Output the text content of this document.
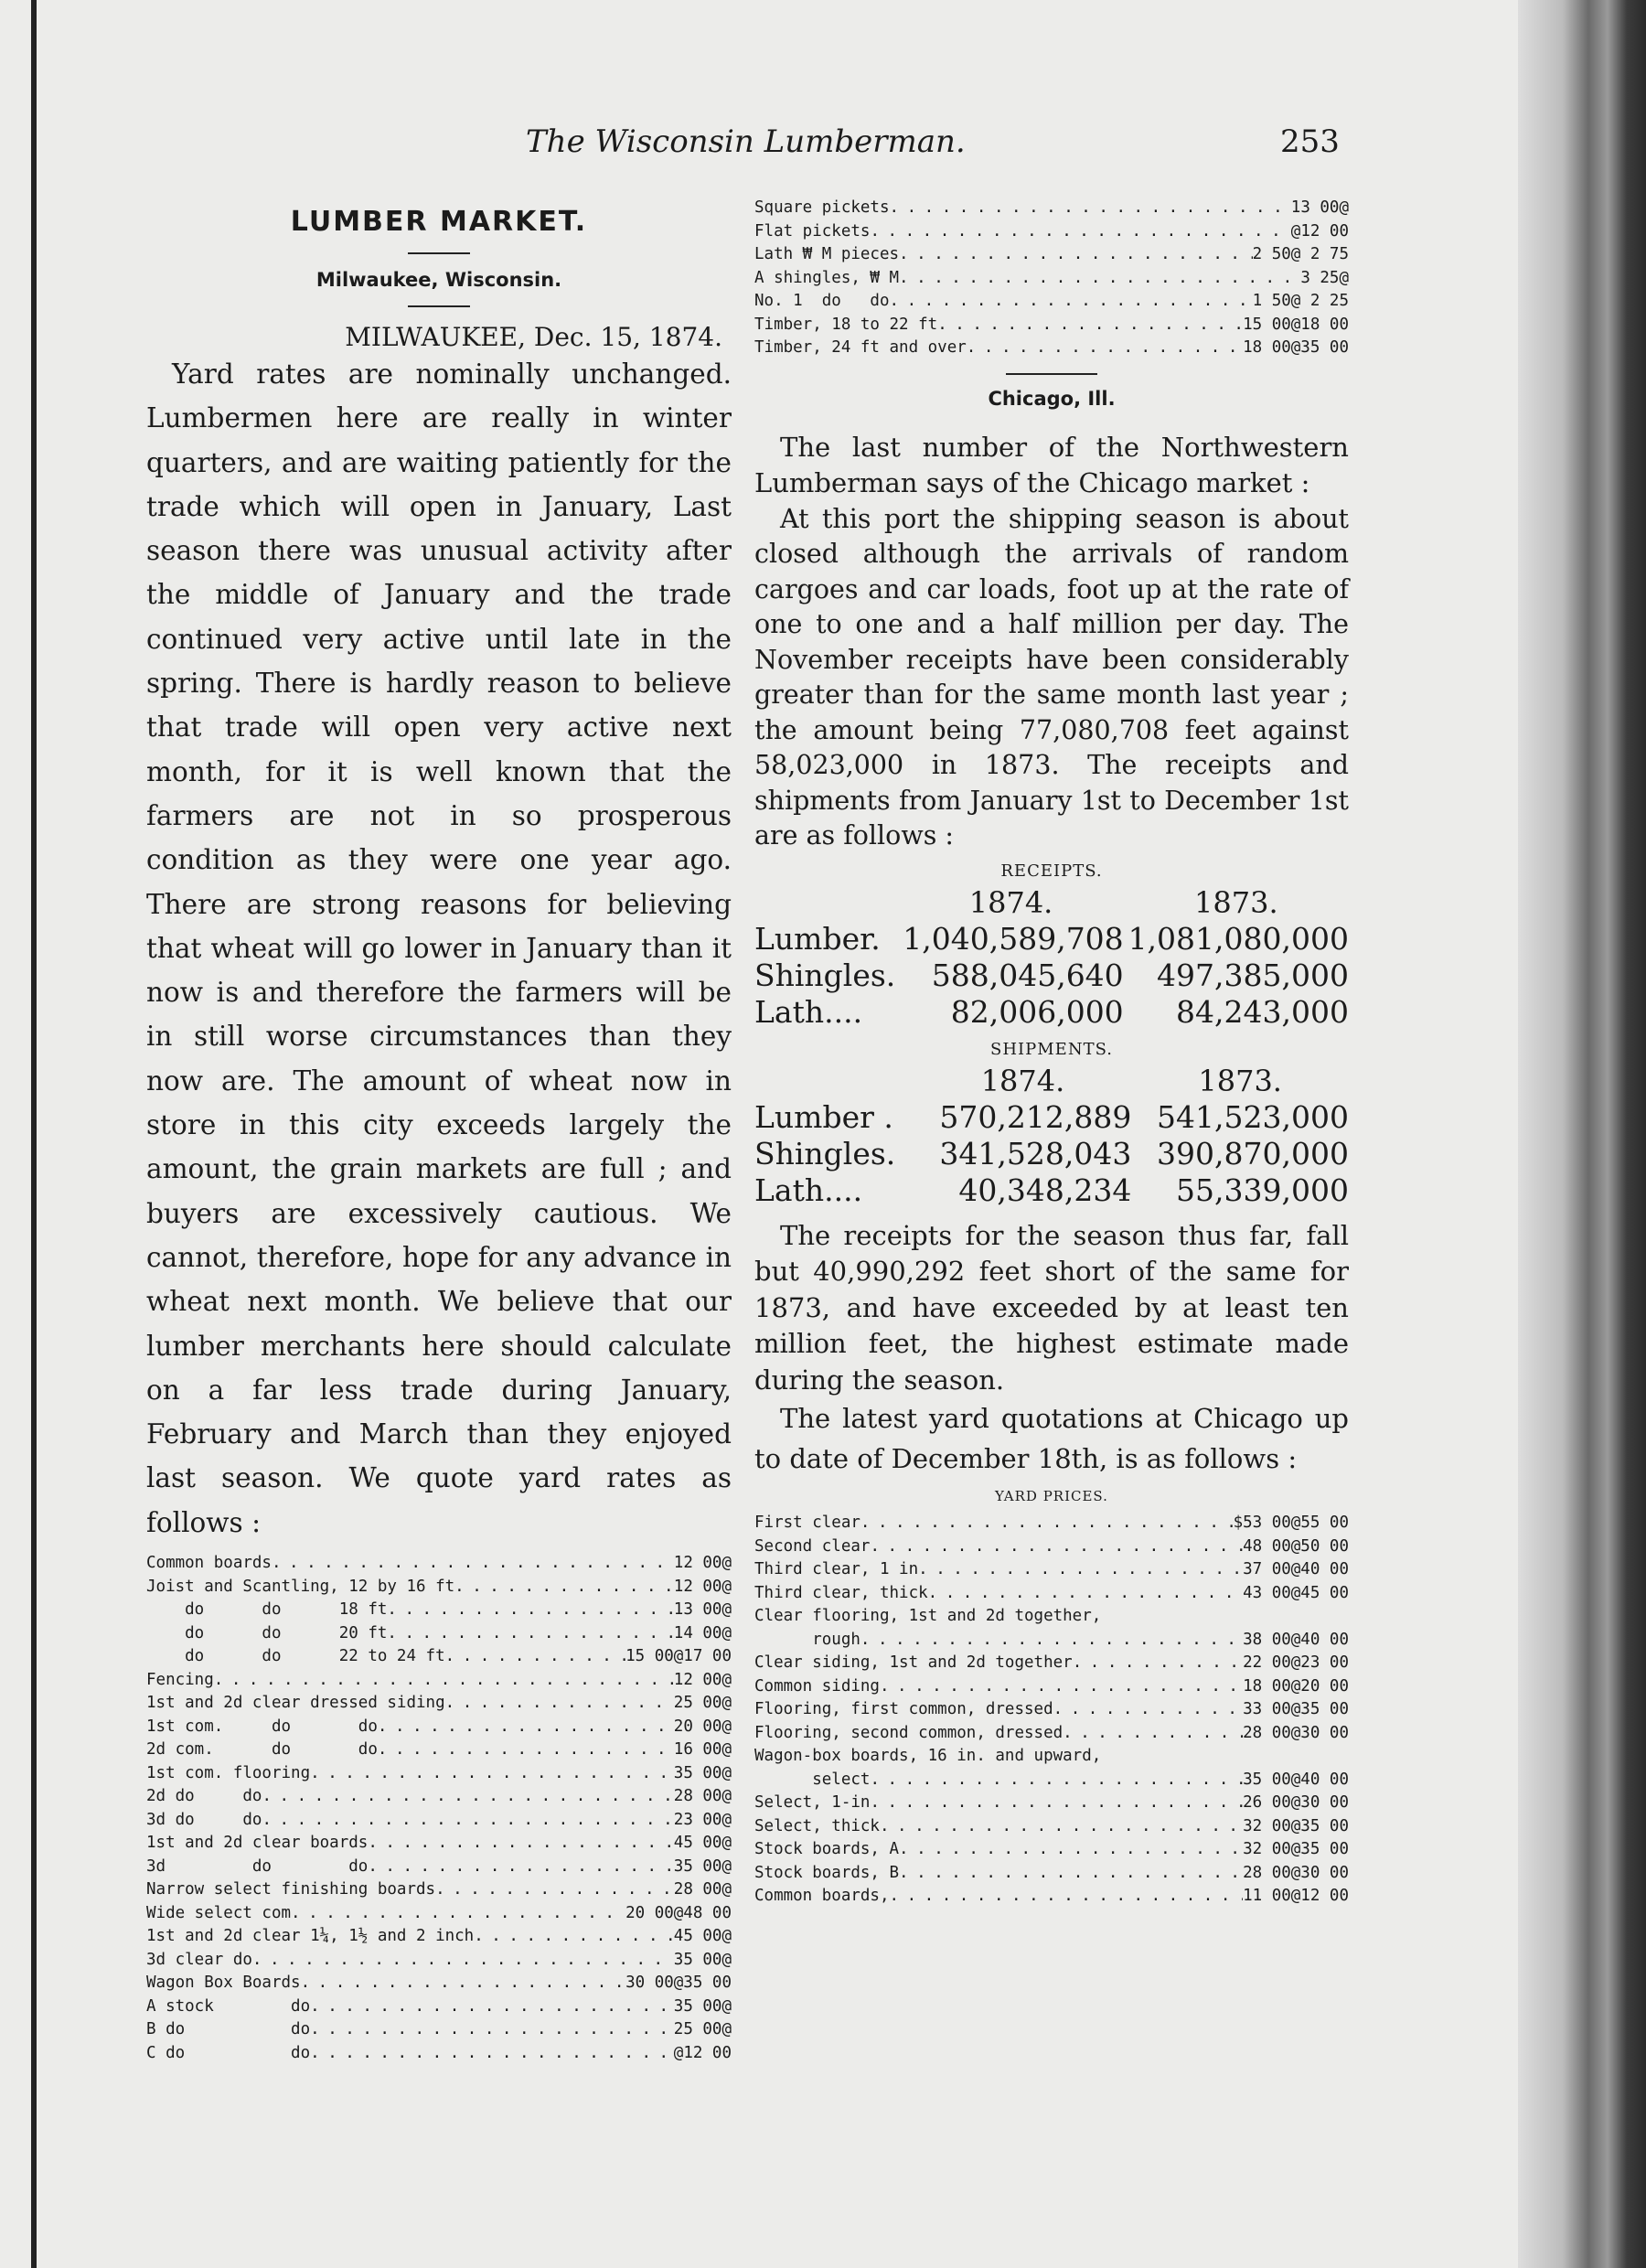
The Wisconsin Lumberman.	253
LUMBER MARKET.
Milwaukee, Wisconsin.
MILWAUKEE, Dec. 15, 1874.

Yard rates are nominally unchanged. Lumbermen here are really in winter quarters, and are waiting patiently for the trade which will open in January, Last season there was unusual activity after the middle of January and the trade continued very active until late in the spring. There is hardly reason to believe that trade will open very active next month, for it is well known that the farmers are not in so prosperous condition as they were one year ago. There are strong reasons for believing that wheat will go lower in January than it now is and therefore the farmers will be in still worse circumstances than they now are. The amount of wheat now in store in this city exceeds largely the amount, the grain markets are full ; and buyers are excessively cautious. We cannot, therefore, hope for any advance in wheat next month. We believe that our lumber merchants here should calculate on a far less trade during January, February and March than they enjoyed last season. We quote yard rates as follows :

Common boards . . .	12 00@
Joist and Scantling, 12 by 16 ft . . .	12 00@
do      do      18 ft . . .	13 00@
do      do      20 ft . . .	14 00@
do      do      22 to 24 ft . . .	15 00@17 00
Fencing . . .	12 00@
1st and 2d clear dressed siding . . .	25 00@
1st com.     do       do . . .	20 00@
2d com.      do       do . . .	16 00@
1st com. flooring . . .	35 00@
2d do     do . . .	28 00@
3d do     do . . .	23 00@
1st and 2d clear boards . . .	45 00@
3d         do        do . . .	35 00@
Narrow select finishing boards . . .	28 00@
Wide select com . . .	20 00@48 00
1st and 2d clear 1¼, 1½ and 2 inch . . .	45 00@
3d clear do . . .	35 00@
Wagon Box Boards . . .	30 00@35 00
A stock        do . . .	35 00@
B do           do . . .	25 00@
C do           do . . .	@12 00
Square pickets . . .	13 00@
Flat pickets . . .	@12 00
Lath ₩ M pieces . . .	2 50@ 2 75
A shingles, ₩ M . . .	3 25@
No. 1  do   do . . .	1 50@ 2 25
Timber, 18 to 22 ft . . .	15 00@18 00
Timber, 24 ft and over . . .	18 00@35 00
Chicago, Ill.

The last number of the Northwestern Lumberman says of the Chicago market :

At this port the shipping season is about closed although the arrivals of random cargoes and car loads, foot up at the rate of one to one and a half million per day. The November receipts have been considerably greater than for the same month last year ; the amount being 77,080,708 feet against 58,023,000 in 1873. The receipts and shipments from January 1st to December 1st are as follows :

RECEIPTS.
	1874.	1873.
Lumber.	1,040,589,708	1,081,080,000
Shingles.	588,045,640	497,385,000
Lath....	82,006,000	84,243,000
SHIPMENTS.
	1874.	1873.
Lumber .	570,212,889	541,523,000
Shingles.	341,528,043	390,870,000
Lath....	40,348,234	55,339,000

The receipts for the season thus far, fall but 40,990,292 feet short of the same for 1873, and have exceeded by at least ten million feet, the highest estimate made during the season.

The latest yard quotations at Chicago up to date of December 18th, is as follows :

YARD PRICES.
First clear . . .	$53 00@55 00
Second clear . . .	48 00@50 00
Third clear, 1 in . . .	37 00@40 00
Third clear, thick . . .	43 00@45 00
Clear flooring, 1st and 2d together,
rough . . .	38 00@40 00
Clear siding, 1st and 2d together . . .	22 00@23 00
Common siding . . .	18 00@20 00
Flooring, first common, dressed . . .	33 00@35 00
Flooring, second common, dressed . . .	28 00@30 00
Wagon-box boards, 16 in. and upward,
select . . .	35 00@40 00
Select, 1-in . . .	26 00@30 00
Select, thick . . .	32 00@35 00
Stock boards, A . . .	32 00@35 00
Stock boards, B . . .	28 00@30 00
Common boards, . . .	11 00@12 00
